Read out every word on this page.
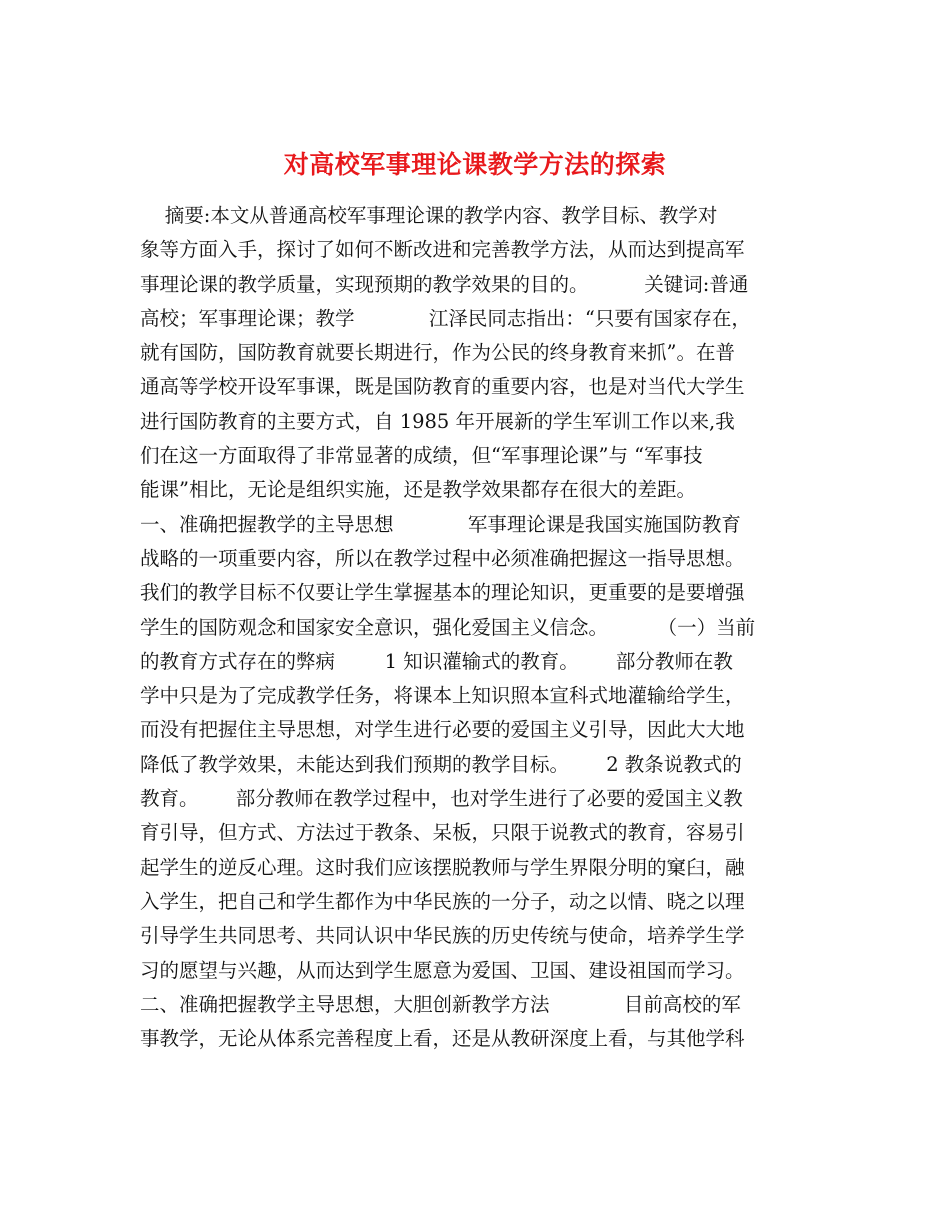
对高校军事理论课教学方法的探索
摘要:本文从普通高校军事理论课的教学内容、教学目标、教学对
象等方面入手，探讨了如何不断改进和完善教学方法，从而达到提高军
事理论课的教学质量，实现预期的教学效果的目的。         关键词:普通
高校；军事理论课；教学            江泽民同志指出：“只要有国家存在，
就有国防，国防教育就要长期进行，作为公民的终身教育来抓”。在普
通高等学校开设军事课，既是国防教育的重要内容，也是对当代大学生
进行国防教育的主要方式，自 1985 年开展新的学生军训工作以来,我
们在这一方面取得了非常显著的成绩，但“军事理论课”与 “军事技
能课”相比，无论是组织实施，还是教学效果都存在很大的差距。
一、准确把握教学的主导思想            军事理论课是我国实施国防教育
战略的一项重要内容，所以在教学过程中必须准确把握这一指导思想。
我们的教学目标不仅要让学生掌握基本的理论知识，更重要的是要增强
学生的国防观念和国家安全意识，强化爱国主义信念。        （一）当前
的教育方式存在的弊病        1 知识灌输式的教育。      部分教师在教
学中只是为了完成教学任务，将课本上知识照本宣科式地灌输给学生，
而没有把握住主导思想，对学生进行必要的爱国主义引导，因此大大地
降低了教学效果，未能达到我们预期的教学目标。      2 教条说教式的
教育。      部分教师在教学过程中，也对学生进行了必要的爱国主义教
育引导，但方式、方法过于教条、呆板，只限于说教式的教育，容易引
起学生的逆反心理。这时我们应该摆脱教师与学生界限分明的窠臼，融
入学生，把自己和学生都作为中华民族的一分子，动之以情、晓之以理
引导学生共同思考、共同认识中华民族的历史传统与使命，培养学生学
习的愿望与兴趣，从而达到学生愿意为爱国、卫国、建设祖国而学习。
二、准确把握教学主导思想，大胆创新教学方法            目前高校的军
事教学，无论从体系完善程度上看，还是从教研深度上看，与其他学科
